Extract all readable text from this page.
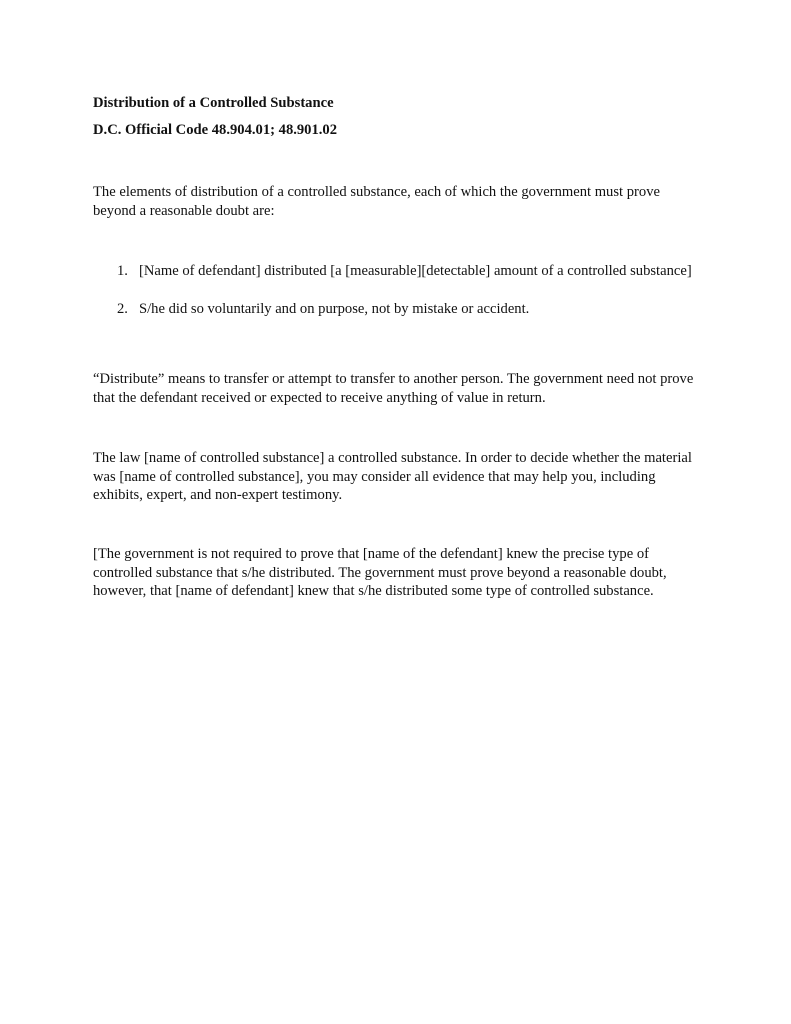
Distribution of a Controlled Substance
D.C. Official Code 48.904.01; 48.901.02

The elements of distribution of a controlled substance, each of which the government must prove beyond a reasonable doubt are:

1. [Name of defendant] distributed [a [measurable][detectable] amount of a controlled substance]
2. S/he did so voluntarily and on purpose, not by mistake or accident.

“Distribute” means to transfer or attempt to transfer to another person. The government need not prove that the defendant received or expected to receive anything of value in return.

The law [name of controlled substance] a controlled substance. In order to decide whether the material was [name of controlled substance], you may consider all evidence that may help you, including exhibits, expert, and non-expert testimony.

[The government is not required to prove that [name of the defendant] knew the precise type of controlled substance that s/he distributed. The government must prove beyond a reasonable doubt, however, that [name of defendant] knew that s/he distributed some type of controlled substance.
